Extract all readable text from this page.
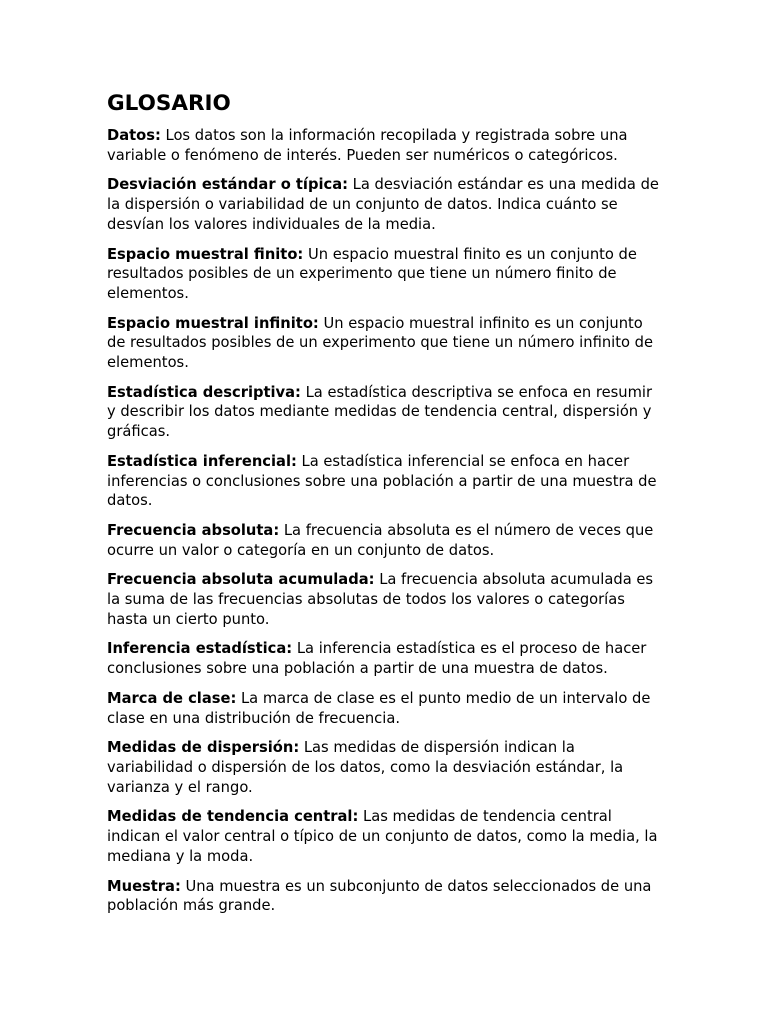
GLOSARIO

Datos: Los datos son la información recopilada y registrada sobre una variable o fenómeno de interés. Pueden ser numéricos o categóricos.

Desviación estándar o típica: La desviación estándar es una medida de la dispersión o variabilidad de un conjunto de datos. Indica cuánto se desvían los valores individuales de la media.

Espacio muestral finito: Un espacio muestral finito es un conjunto de resultados posibles de un experimento que tiene un número finito de elementos.

Espacio muestral infinito: Un espacio muestral infinito es un conjunto de resultados posibles de un experimento que tiene un número infinito de elementos.

Estadística descriptiva: La estadística descriptiva se enfoca en resumir y describir los datos mediante medidas de tendencia central, dispersión y gráficas.

Estadística inferencial: La estadística inferencial se enfoca en hacer inferencias o conclusiones sobre una población a partir de una muestra de datos.

Frecuencia absoluta: La frecuencia absoluta es el número de veces que ocurre un valor o categoría en un conjunto de datos.

Frecuencia absoluta acumulada: La frecuencia absoluta acumulada es la suma de las frecuencias absolutas de todos los valores o categorías hasta un cierto punto.

Inferencia estadística: La inferencia estadística es el proceso de hacer conclusiones sobre una población a partir de una muestra de datos.

Marca de clase: La marca de clase es el punto medio de un intervalo de clase en una distribución de frecuencia.

Medidas de dispersión: Las medidas de dispersión indican la variabilidad o dispersión de los datos, como la desviación estándar, la varianza y el rango.

Medidas de tendencia central: Las medidas de tendencia central indican el valor central o típico de un conjunto de datos, como la media, la mediana y la moda.

Muestra: Una muestra es un subconjunto de datos seleccionados de una población más grande.
